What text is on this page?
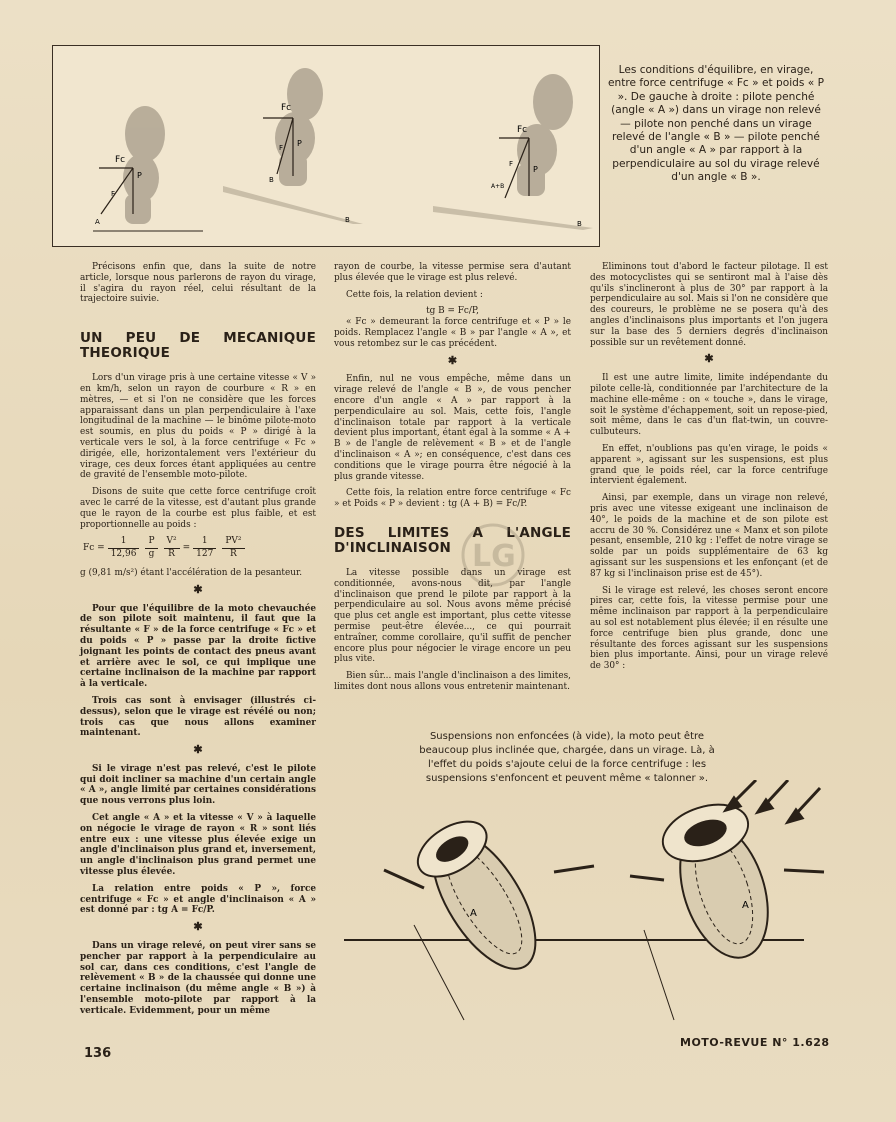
Fc
P
F
A
Fc
P
F
B
B
Fc
P
F
A+B
B
Les conditions d'équilibre, en virage, entre force centrifuge « Fc » et poids « P ». De gauche à droite : pilote penché (angle « A ») dans un virage non relevé — pilote non penché dans un virage relevé de l'angle « B » — pilote penché d'un angle « A » par rapport à la perpendiculaire au sol du virage relevé d'un angle « B ».

Précisons enfin que, dans la suite de notre article, lorsque nous parlerons de rayon du virage, il s'agira du rayon réel, celui résultant de la trajectoire suivie.

UN PEU DE MECANIQUE THEORIQUE

Lors d'un virage pris à une certaine vitesse « V » en km/h, selon un rayon de courbure « R » en mètres, — et si l'on ne considère que les forces apparaissant dans un plan perpendiculaire à l'axe longitudinal de la machine — le binôme pilote-moto est soumis, en plus du poids « P » dirigé à la verticale vers le sol, à la force centrifuge « Fc » dirigée, elle, horizontalement vers l'extérieur du virage, ces deux forces étant appliquées au centre de gravité de l'ensemble moto-pilote.

Disons de suite que cette force centrifuge croît avec le carré de la vitesse, est d'autant plus grande que le rayon de la courbe est plus faible, et est proportionnelle au poids :

Fc =	1		P		V²	=	1		PV²
	12,96		g		R		127		R

g (9,81 m/s²) étant l'accélération de la pesanteur.

✱

Pour que l'équilibre de la moto chevauchée de son pilote soit maintenu, il faut que la résultante « F » de la force centrifuge « Fc » et du poids « P » passe par la droite fictive joignant les points de contact des pneus avant et arrière avec le sol, ce qui implique une certaine inclinaison de la machine par rapport à la verticale.

Trois cas sont à envisager (illustrés ci-dessus), selon que le virage est révélé ou non; trois cas que nous allons examiner maintenant.

✱

Si le virage n'est pas relevé, c'est le pilote qui doit incliner sa machine d'un certain angle « A », angle limité par certaines considérations que nous verrons plus loin.

Cet angle « A » et la vitesse « V » à laquelle on négocie le virage de rayon « R » sont liés entre eux : une vitesse plus élevée exige un angle d'inclinaison plus grand et, inversement, un angle d'inclinaison plus grand permet une vitesse plus élevée.

La relation entre poids « P », force centrifuge « Fc » et angle d'inclinaison « A » est donné par : tg A = Fc/P.

✱

Dans un virage relevé, on peut virer sans se pencher par rapport à la perpendiculaire au sol car, dans ces conditions, c'est l'angle de relèvement « B » de la chaussée qui donne une certaine inclinaison (du même angle « B ») à l'ensemble moto-pilote par rapport à la verticale. Evidemment, pour un même

rayon de courbe, la vitesse permise sera d'autant plus élevée que le virage est plus relevé.

Cette fois, la relation devient :

tg B = Fc/P,

« Fc » demeurant la force centrifuge et « P » le poids. Remplacez l'angle « B » par l'angle « A », et vous retombez sur le cas précédent.

✱

Enfin, nul ne vous empêche, même dans un virage relevé de l'angle « B », de vous pencher encore d'un angle « A » par rapport à la perpendiculaire au sol. Mais, cette fois, l'angle d'inclinaison totale par rapport à la verticale devient plus important, étant égal à la somme « A + B » de l'angle de relèvement « B » et de l'angle d'inclinaison « A »; en conséquence, c'est dans ces conditions que le virage pourra être négocié à la plus grande vitesse.

Cette fois, la relation entre force centrifuge « Fc » et Poids « P » devient : tg (A + B) = Fc/P.

DES LIMITES A L'ANGLE D'INCLINAISON

La vitesse possible dans un virage est conditionnée, avons-nous dit, par l'angle d'inclinaison que prend le pilote par rapport à la perpendiculaire au sol. Nous avons même précisé que plus cet angle est important, plus cette vitesse permise peut-être élevée..., ce qui pourrait entraîner, comme corollaire, qu'il suffit de pencher encore plus pour négocier le virage encore un peu plus vite.

Bien sûr... mais l'angle d'inclinaison a des limites, limites dont nous allons vous entretenir maintenant.

Eliminons tout d'abord le facteur pilotage. Il est des motocyclistes qui se sentiront mal à l'aise dès qu'ils s'inclineront à plus de 30° par rapport à la perpendiculaire au sol. Mais si l'on ne considère que des coureurs, le problème ne se posera qu'à des angles d'inclinaisons plus importants et l'on jugera sur la base des 5 derniers degrés d'inclinaison possible sur un revêtement donné.

✱

Il est une autre limite, limite indépendante du pilote celle-là, conditionnée par l'architecture de la machine elle-même : on « touche », dans le virage, soit le système d'échappement, soit un repose-pied, soit même, dans le cas d'un flat-twin, un couvre-culbuteurs.

En effet, n'oublions pas qu'en virage, le poids « apparent », agissant sur les suspensions, est plus grand que le poids réel, car la force centrifuge intervient également.

Ainsi, par exemple, dans un virage non relevé, pris avec une vitesse exigeant une inclinaison de 40°, le poids de la machine et de son pilote est accru de 30 %. Considérez une « Manx et son pilote pesant, ensemble, 210 kg : l'effet de notre virage se solde par un poids supplémentaire de 63 kg agissant sur les suspensions et les enfonçant (et de 87 kg si l'inclinaison prise est de 45°).

Si le virage est relevé, les choses seront encore pires car, cette fois, la vitesse permise pour une même inclinaison par rapport à la perpendiculaire au sol est notablement plus élevée; il en résulte une force centrifuge bien plus grande, donc une résultante des forces agissant sur les suspensions bien plus importante. Ainsi, pour un virage relevé de 30° :

LG
Suspensions non enfoncées (à vide), la moto peut être beaucoup plus inclinée que, chargée, dans un virage. Là, à l'effet du poids s'ajoute celui de la force centrifuge : les suspensions s'enfoncent et peuvent même « talonner ».
A
A
136
MOTO-REVUE N° 1.628
